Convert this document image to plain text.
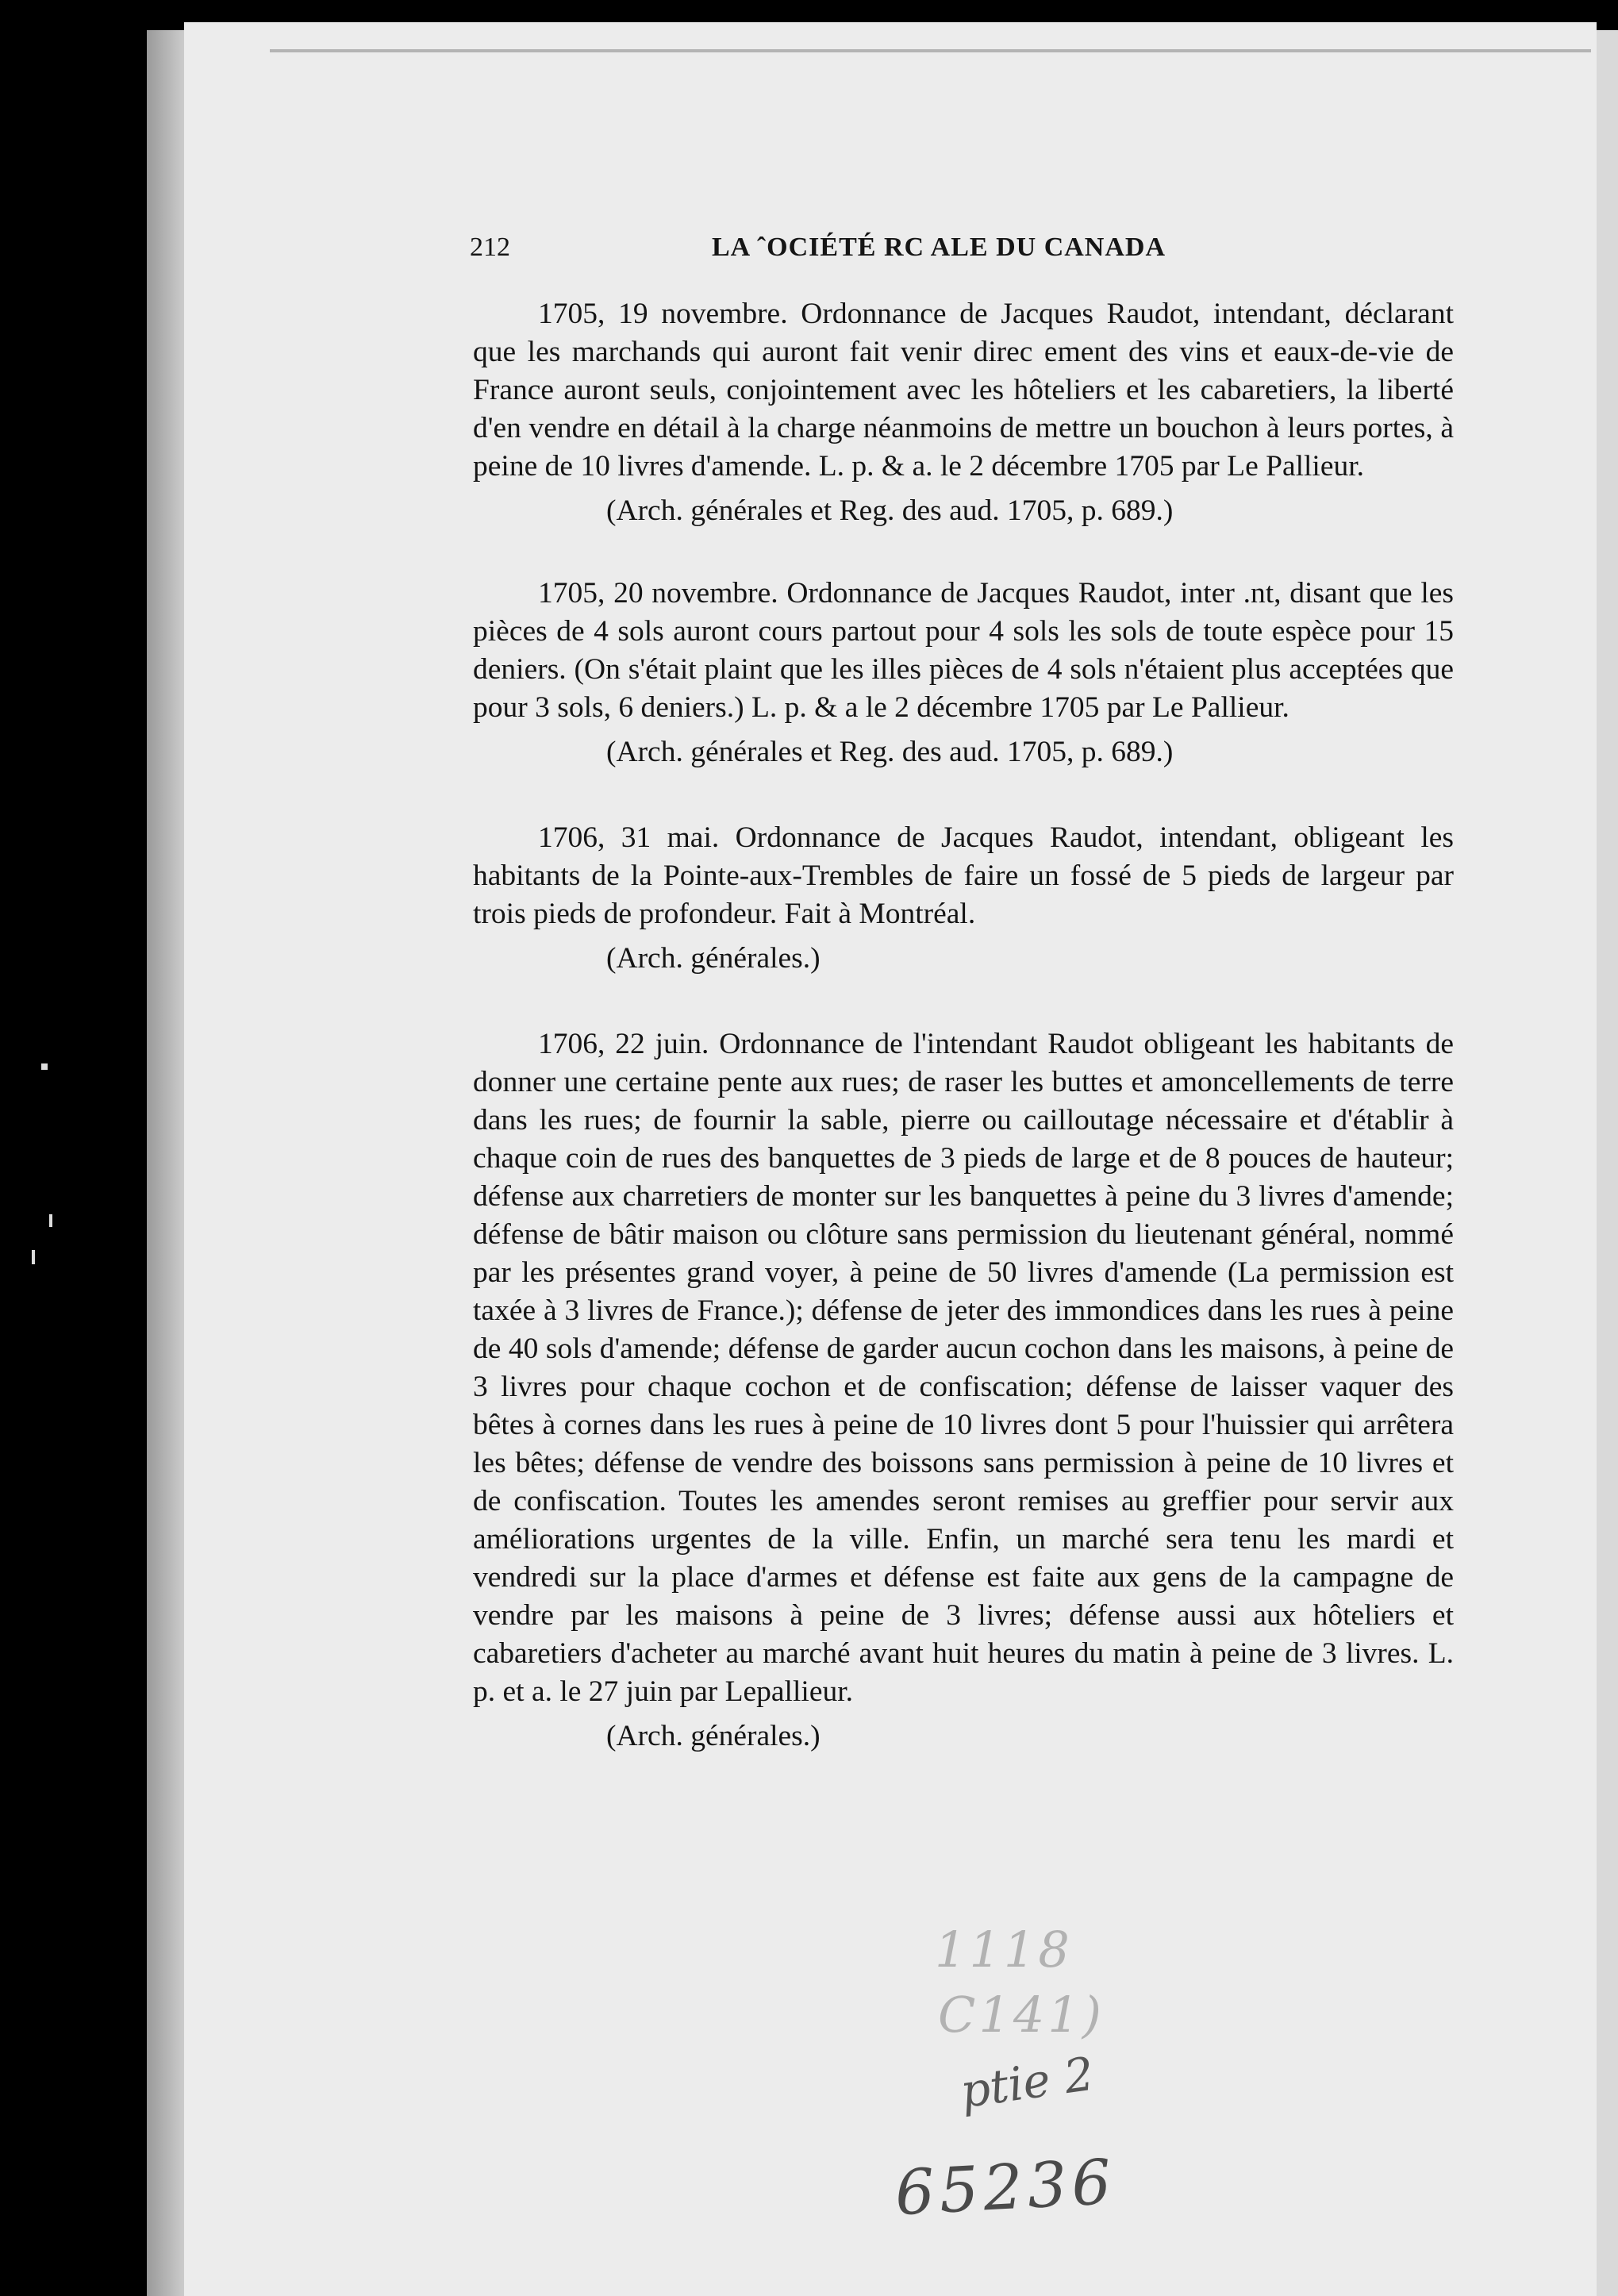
212	LA ˆOCIÉTÉ RC ALE DU CANADA

1705, 19 novembre. Ordonnance de Jacques Raudot, intendant, déclarant que les marchands qui auront fait venir direc ement des vins et eaux-de-vie de France auront seuls, conjointement avec les hôteliers et les cabaretiers, la liberté d'en vendre en détail à la charge néanmoins de mettre un bouchon à leurs portes, à peine de 10 livres d'amende. L. p. & a. le 2 décembre 1705 par Le Pallieur.

(Arch. générales et Reg. des aud. 1705, p. 689.)

1705, 20 novembre. Ordonnance de Jacques Raudot, inter .nt, disant que les pièces de 4 sols auront cours partout pour 4 sols les sols de toute espèce pour 15 deniers. (On s'était plaint que les illes pièces de 4 sols n'étaient plus acceptées que pour 3 sols, 6 deniers.) L. p. & a le 2 décembre 1705 par Le Pallieur.

(Arch. générales et Reg. des aud. 1705, p. 689.)

1706, 31 mai. Ordonnance de Jacques Raudot, intendant, obligeant les habitants de la Pointe-aux-Trembles de faire un fossé de 5 pieds de largeur par trois pieds de profondeur. Fait à Montréal.

(Arch. générales.)

1706, 22 juin. Ordonnance de l'intendant Raudot obligeant les habitants de donner une certaine pente aux rues; de raser les buttes et amoncellements de terre dans les rues; de fournir la sable, pierre ou cailloutage nécessaire et d'établir à chaque coin de rues des banquettes de 3 pieds de large et de 8 pouces de hauteur; défense aux charretiers de monter sur les banquettes à peine du 3 livres d'amende; défense de bâtir maison ou clôture sans permission du lieutenant général, nommé par les présentes grand voyer, à peine de 50 livres d'amende (La permission est taxée à 3 livres de France.); défense de jeter des immondices dans les rues à peine de 40 sols d'amende; défense de garder aucun cochon dans les maisons, à peine de 3 livres pour chaque cochon et de confiscation; défense de laisser vaquer des bêtes à cornes dans les rues à peine de 10 livres dont 5 pour l'huissier qui arrêtera les bêtes; défense de vendre des boissons sans permission à peine de 10 livres et de confiscation. Toutes les amendes seront remises au greffier pour servir aux améliorations urgentes de la ville. Enfin, un marché sera tenu les mardi et vendredi sur la place d'armes et défense est faite aux gens de la campagne de vendre par les maisons à peine de 3 livres; défense aussi aux hôteliers et cabaretiers d'acheter au marché avant huit heures du matin à peine de 3 livres. L. p. et a. le 27 juin par Lepallieur.

(Arch. générales.)

1118
C141)
ptie 2
65236
